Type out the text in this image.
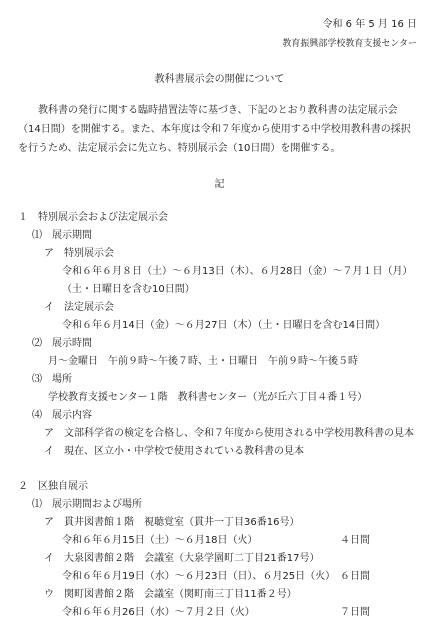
令和 6 年 5 月 16 日
教育振興部学校教育支援センター
教科書展示会の開催について
教科書の発行に関する臨時措置法等に基づき、下記のとおり教科書の法定展示会（14日間）を開催する。また、本年度は令和７年度から使用する中学校用教科書の採択を行うため、法定展示会に先立ち、特別展示会（10日間）を開催する。
記
１　特別展示会および法定展示会
⑴　展示期間
ア　特別展示会
令和６年６月８日（土）～６月13日（木）、６月28日（金）～７月１日（月）
（土・日曜日を含む10日間）
イ　法定展示会
令和６年６月14日（金）～６月27日（木）（土・日曜日を含む14日間）
⑵　展示時間
月～金曜日　午前９時～午後７時、土・日曜日　午前９時～午後５時
⑶　場所
学校教育支援センター１階　教科書センター（光が丘六丁目４番１号）
⑷　展示内容
ア　文部科学省の検定を合格し、令和７年度から使用される中学校用教科書の見本
イ　現在、区立小・中学校で使用されている教科書の見本
２　区独自展示
⑴　展示期間および場所
ア　貫井図書館１階　視聴覚室（貫井一丁目36番16号）
令和６年６月15日（土）～６月18日（火）	４日間
イ　大泉図書館２階　会議室（大泉学園町二丁目21番17号）
令和６年６月19日（水）～６月23日（日）、６月25日（火） ６日間
ウ　関町図書館２階　会議室（関町南三丁目11番２号）
令和６年６月26日（水）～７月２日（火）	７日間
